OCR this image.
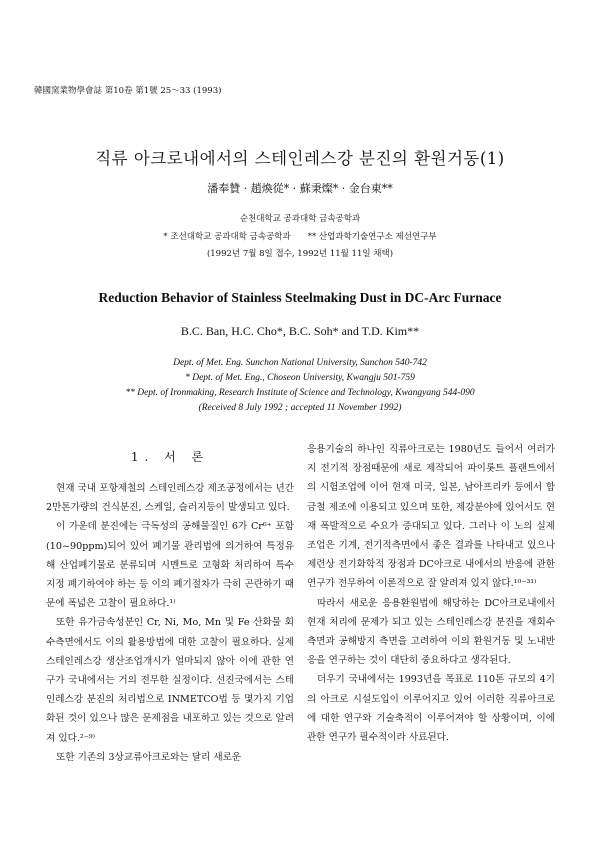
韓國窯業物學會誌 第10卷 第1號 25～33 (1993)
직류 아크로내에서의 스테인레스강 분진의 환원거동(1)
潘奉贊 · 趙煥從* · 蘇秉燦* · 金台東**
순천대학교 공과대학 금속공학과
* 조선대학교 공과대학 금속공학과　　** 산업과학기술연구소 제선연구부
(1992년 7월 8일 접수, 1992년 11월 11일 채택)
Reduction Behavior of Stainless Steelmaking Dust in DC-Arc Furnace
B.C. Ban, H.C. Cho*, B.C. Soh* and T.D. Kim**
Dept. of Met. Eng. Sunchon National University, Sunchon 540-742
* Dept. of Met. Eng., Choseon University, Kwangju 501-759
** Dept. of Ironmaking, Research Institute of Science and Technology, Kwangyang 544-090
(Received 8 July 1992 ; accepted 11 November 1992)
1. 서 론

현재 국내 포항제철의 스테인레스강 제조공정에서는 년간 2만톤가량의 건식분진, 스케일, 슬러지등이 발생되고 있다.

이 가운데 분진에는 극독성의 공해물질인 6가 Cr⁶⁺ 포함(10~90ppm)되어 있어 폐기물 관리법에 의거하여 특정유해 산업폐기물로 분류되며 시멘트로 고형화 처리하여 특수지정 폐기하여야 하는 등 이의 폐기절차가 극히 곤란하기 때문에 폭넓은 고찰이 필요하다.¹⁾

또한 유가금속성분인 Cr, Ni, Mo, Mn 및 Fe 산화물 회수측면에서도 이의 활용방법에 대한 고찰이 필요하다. 실제 스테인레스강 생산조업개시가 얼마되지 않아 이에 관한 연구가 국내에서는 거의 전무한 실정이다. 선진국에서는 스테인레스강 분진의 처리법으로 INMETCO법 등 몇가지 기업화된 것이 있으나 많은 문제점을 내포하고 있는 것으로 알려져 있다.²⁻⁹⁾

또한 기존의 3상교류아크로와는 달리 새로운

응용기술의 하나인 직류아크로는 1980년도 들어서 여러가지 전기적 장점때문에 새로 제작되어 파이롯트 플랜트에서의 시험조업에 이어 현재 미국, 일본, 남아프리카 등에서 합금철 제조에 이용되고 있으며 또한, 제강분야에 있어서도 현재 폭발적으로 수요가 증대되고 있다. 그러나 이 노의 실제조업은 기계, 전기적측면에서 좋은 결과를 나타내고 있으나 제련상 전기화학적 장점과 DC아크로 내에서의 반응에 관한 연구가 전무하여 이론적으로 잘 알려져 있지 않다.¹⁰⁻³¹⁾

따라서 새로운 응용환원법에 해당하는 DC아크로내에서 현재 처리에 문제가 되고 있는 스테인레스강 분진을 재회수 측면과 공해방지 측면을 고려하여 이의 환원거동 및 노내반응을 연구하는 것이 대단히 중요하다고 생각된다.

더우기 국내에서는 1993년을 목표로 110톤 규모의 4기의 아크로 시설도입이 이루어지고 있어 이러한 직류아크로에 대한 연구와 기술축적이 이루어져야 할 상황이며, 이에 관한 연구가 필수적이라 사료된다.
